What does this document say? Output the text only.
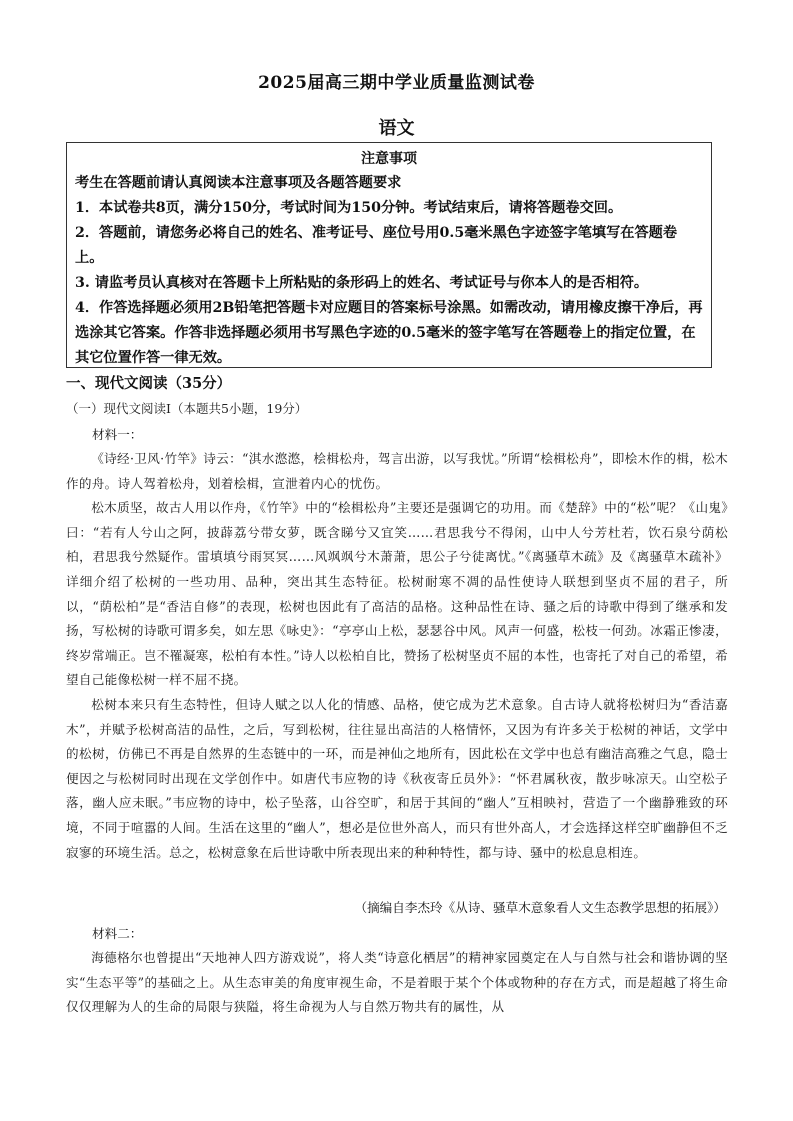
2025届高三期中学业质量监测试卷
语文
注意事项

考生在答题前请认真阅读本注意事项及各题答题要求

1．本试卷共8页，满分150分，考试时间为150分钟。考试结束后，请将答题卷交回。

2．答题前，请您务必将自己的姓名、准考证号、座位号用0.5毫米黑色字迹签字笔填写在答题卷上。

3. 请监考员认真核对在答题卡上所粘贴的条形码上的姓名、考试证号与你本人的是否相符。

4．作答选择题必须用2B铅笔把答题卡对应题目的答案标号涂黑。如需改动，请用橡皮擦干净后，再选涂其它答案。作答非选择题必须用书写黑色字迹的0.5毫米的签字笔写在答题卷上的指定位置，在其它位置作答一律无效。

一、现代文阅读（35分）
（一）现代文阅读Ⅰ（本题共5小题，19分）
材料一：

《诗经·卫风·竹竿》诗云：“淇水滺滺，桧楫松舟，驾言出游，以写我忧。”所谓“桧楫松舟”，即桧木作的楫，松木作的舟。诗人驾着松舟，划着桧楫，宣泄着内心的忧伤。

松木质坚，故古人用以作舟，《竹竿》中的“桧楫松舟”主要还是强调它的功用。而《楚辞》中的“松”呢？《山鬼》曰：“若有人兮山之阿，披薜荔兮带女萝，既含睇兮又宜笑……君思我兮不得闲，山中人兮芳杜若，饮石泉兮荫松柏，君思我兮然疑作。雷填填兮雨冥冥……风飒飒兮木萧萧，思公子兮徒离忧。”《离骚草木疏》及《离骚草木疏补》详细介绍了松树的一些功用、品种，突出其生态特征。松树耐寒不凋的品性使诗人联想到坚贞不屈的君子，所以，“荫松柏”是“香洁自修”的表现，松树也因此有了高洁的品格。这种品性在诗、骚之后的诗歌中得到了继承和发扬，写松树的诗歌可谓多矣，如左思《咏史》：“亭亭山上松，瑟瑟谷中风。风声一何盛，松枝一何劲。冰霜正惨凄，终岁常端正。岂不罹凝寒，松柏有本性。”诗人以松柏自比，赞扬了松树坚贞不屈的本性，也寄托了对自己的希望，希望自己能像松树一样不屈不挠。

松树本来只有生态特性，但诗人赋之以人化的情感、品格，使它成为艺术意象。自古诗人就将松树归为“香洁嘉木”，并赋予松树高洁的品性，之后，写到松树，往往显出高洁的人格情怀，又因为有许多关于松树的神话，文学中的松树，仿佛已不再是自然界的生态链中的一环，而是神仙之地所有，因此松在文学中也总有幽洁高雅之气息，隐士便因之与松树同时出现在文学创作中。如唐代韦应物的诗《秋夜寄丘员外》：“怀君属秋夜，散步咏凉天。山空松子落，幽人应未眠。”韦应物的诗中，松子坠落，山谷空旷，和居于其间的“幽人”互相映衬，营造了一个幽静雅致的环境，不同于喧嚣的人间。生活在这里的“幽人”，想必是位世外高人，而只有世外高人，才会选择这样空旷幽静但不乏寂寥的环境生活。总之，松树意象在后世诗歌中所表现出来的种种特性，都与诗、骚中的松息息相连。

（摘编自李杰玲《从诗、骚草木意象看人文生态教学思想的拓展》）
材料二：

海德格尔也曾提出“天地神人四方游戏说”，将人类“诗意化栖居”的精神家园奠定在人与自然与社会和谐协调的坚实“生态平等”的基础之上。从生态审美的角度审视生命，不是着眼于某个个体或物种的存在方式，而是超越了将生命仅仅理解为人的生命的局限与狭隘，将生命视为人与自然万物共有的属性，从
